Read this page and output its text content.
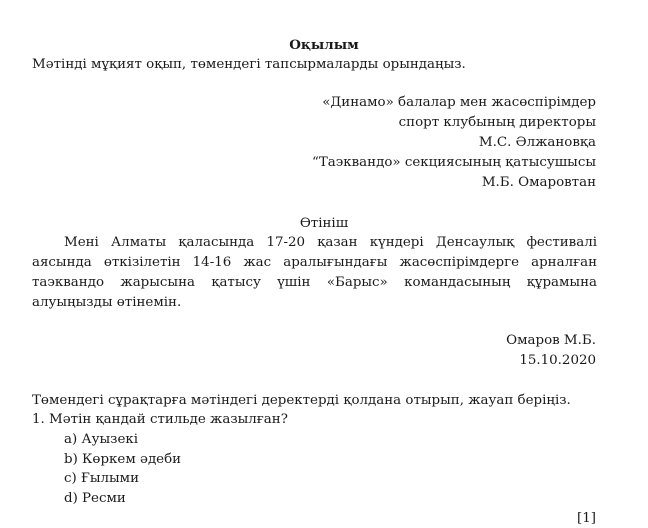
Оқылым
Мәтінді мұқият оқып, төмендегі тапсырмаларды орындаңыз.
«Динамо» балалар мен жасөспірімдер
спорт клубының директоры
М.С. Әлжановқа
“Таэквандо» секциясының қатысушысы
М.Б. Омаровтан
Өтініш
Мені Алматы қаласында 17-20 қазан күндері Денсаулық фестивалі
аясында өткізілетін 14-16 жас аралығындағы жасөспірімдерге арналған
таэквандо жарысына қатысу үшін «Барыс» командасының құрамына
алуыңызды өтінемін.
Омаров М.Б.
15.10.2020
Төмендегі сұрақтарға мәтіндегі деректерді қолдана отырып, жауап беріңіз.
1. Мәтін қандай стильде жазылған?
a) Ауызекі
b) Көркем әдеби
c) Ғылыми
d) Ресми
[1]
